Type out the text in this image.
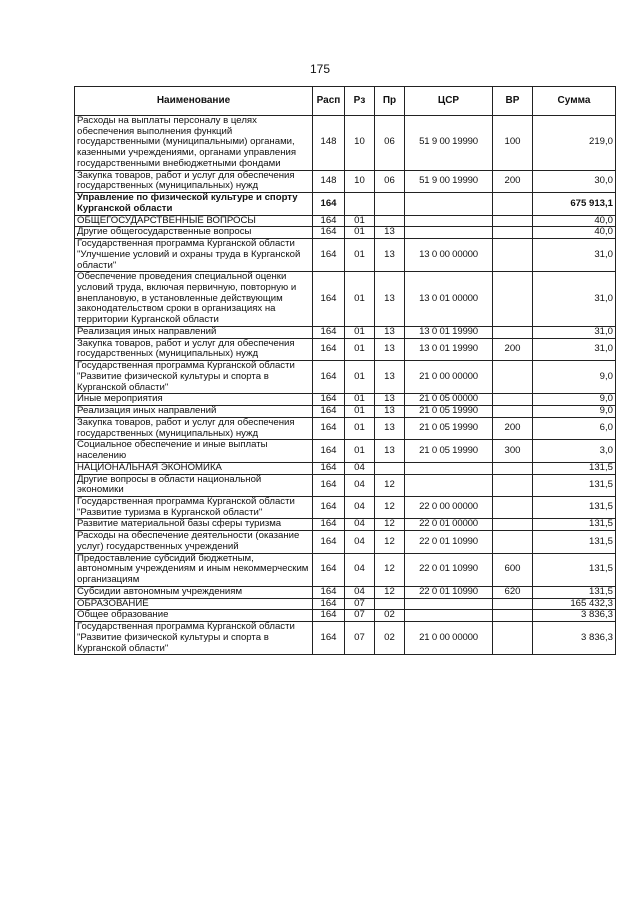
175
Наименование	Расп	Рз	Пр	ЦСР	ВР	Сумма
Расходы на выплаты персоналу в целях обеспечения выполнения функций государственными (муниципальными) органами, казенными учреждениями, органами управления государственными внебюджетными фондами	148	10	06	51 9 00 19990	100	219,0
Закупка товаров, работ и услуг для обеспечения государственных (муниципальных) нужд	148	10	06	51 9 00 19990	200	30,0
Управление по физической культуре и спорту Курганской области	164					675 913,1
ОБЩЕГОСУДАРСТВЕННЫЕ ВОПРОСЫ	164	01				40,0
Другие общегосударственные вопросы	164	01	13			40,0
Государственная программа Курганской области "Улучшение условий и охраны труда в Курганской области"	164	01	13	13 0 00 00000		31,0
Обеспечение проведения специальной оценки условий труда, включая первичную, повторную и внеплановую, в установленные действующим законодательством сроки в организациях на территории Курганской области	164	01	13	13 0 01 00000		31,0
Реализация иных направлений	164	01	13	13 0 01 19990		31,0
Закупка товаров, работ и услуг для обеспечения государственных (муниципальных) нужд	164	01	13	13 0 01 19990	200	31,0
Государственная программа Курганской области "Развитие физической культуры и спорта в Курганской области"	164	01	13	21 0 00 00000		9,0
Иные мероприятия	164	01	13	21 0 05 00000		9,0
Реализация иных направлений	164	01	13	21 0 05 19990		9,0
Закупка товаров, работ и услуг для обеспечения государственных (муниципальных) нужд	164	01	13	21 0 05 19990	200	6,0
Социальное обеспечение и иные выплаты населению	164	01	13	21 0 05 19990	300	3,0
НАЦИОНАЛЬНАЯ ЭКОНОМИКА	164	04				131,5
Другие вопросы в области национальной экономики	164	04	12			131,5
Государственная программа Курганской области "Развитие туризма в Курганской области"	164	04	12	22 0 00 00000		131,5
Развитие материальной базы сферы туризма	164	04	12	22 0 01 00000		131,5
Расходы на обеспечение деятельности (оказание услуг) государственных учреждений	164	04	12	22 0 01 10990		131,5
Предоставление субсидий бюджетным, автономным учреждениям и иным некоммерческим организациям	164	04	12	22 0 01 10990	600	131,5
Субсидии автономным учреждениям	164	04	12	22 0 01 10990	620	131,5
ОБРАЗОВАНИЕ	164	07				165 432,3
Общее образование	164	07	02			3 836,3
Государственная программа Курганской области "Развитие физической культуры и спорта в Курганской области"	164	07	02	21 0 00 00000		3 836,3
